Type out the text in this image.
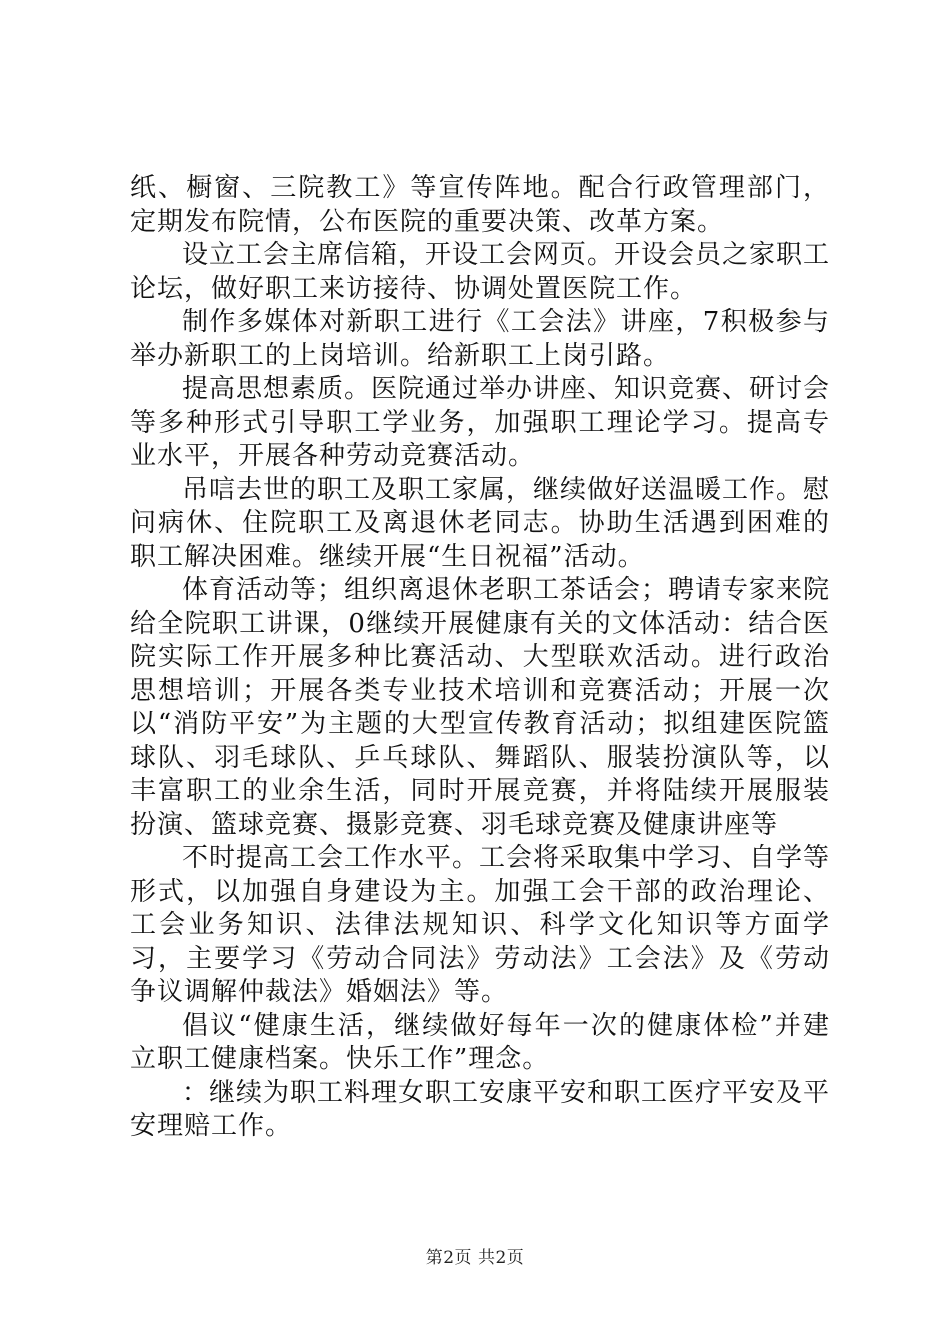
纸、橱窗、三院教工》等宣传阵地。配合行政管理部门，定期发布院情，公布医院的重要决策、改革方案。

设立工会主席信箱，开设工会网页。开设会员之家职工论坛，做好职工来访接待、协调处置医院工作。

制作多媒体对新职工进行《工会法》讲座，7积极参与举办新职工的上岗培训。给新职工上岗引路。

提高思想素质。医院通过举办讲座、知识竞赛、研讨会等多种形式引导职工学业务，加强职工理论学习。提高专业水平，开展各种劳动竞赛活动。

吊唁去世的职工及职工家属，继续做好送温暖工作。慰问病休、住院职工及离退休老同志。协助生活遇到困难的职工解决困难。继续开展“生日祝福”活动。

体育活动等；组织离退休老职工茶话会；聘请专家来院给全院职工讲课，0继续开展健康有关的文体活动：结合医院实际工作开展多种比赛活动、大型联欢活动。进行政治思想培训；开展各类专业技术培训和竞赛活动；开展一次以“消防平安”为主题的大型宣传教育活动；拟组建医院篮球队、羽毛球队、乒乓球队、舞蹈队、服装扮演队等，以丰富职工的业余生活，同时开展竞赛，并将陆续开展服装扮演、篮球竞赛、摄影竞赛、羽毛球竞赛及健康讲座等

不时提高工会工作水平。工会将采取集中学习、自学等形式，以加强自身建设为主。加强工会干部的政治理论、工会业务知识、法律法规知识、科学文化知识等方面学习，主要学习《劳动合同法》劳动法》工会法》及《劳动争议调解仲裁法》婚姻法》等。

倡议“健康生活，继续做好每年一次的健康体检”并建立职工健康档案。快乐工作”理念。

：继续为职工料理女职工安康平安和职工医疗平安及平安理赔工作。

第2页 共2页
